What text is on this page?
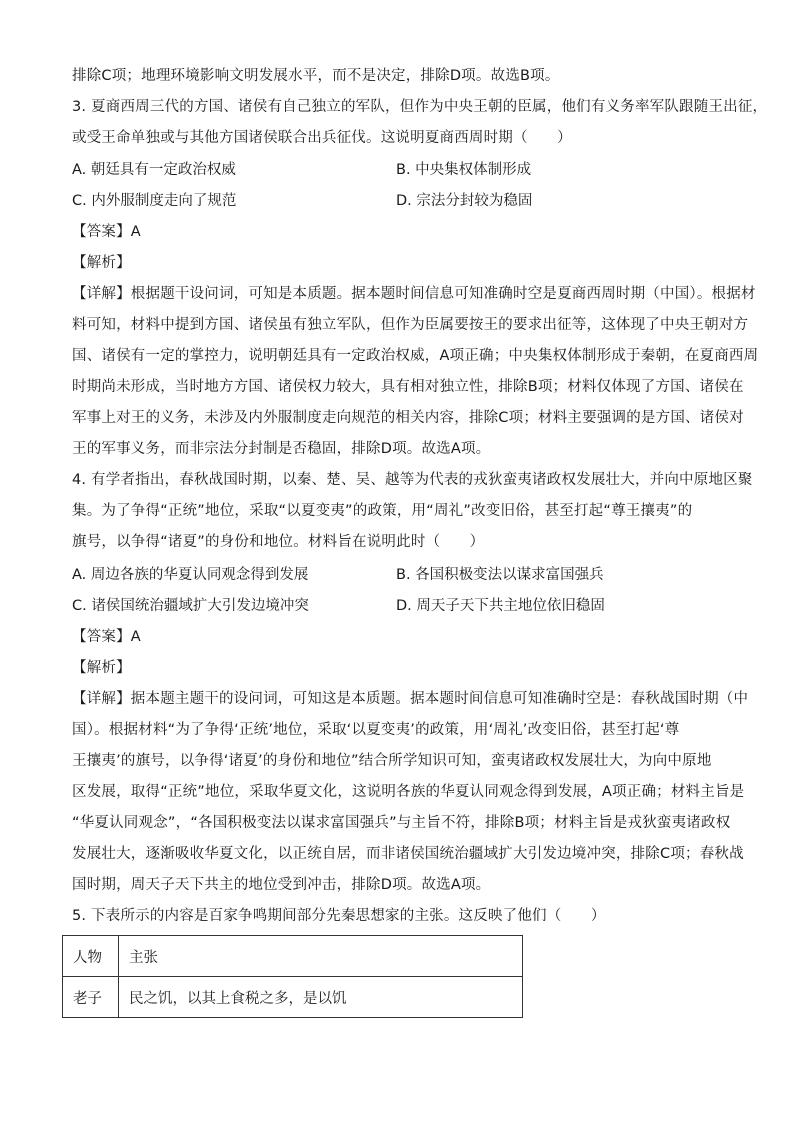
排除C项；地理环境影响文明发展水平，而不是决定，排除D项。故选B项。
3. 夏商西周三代的方国、诸侯有自己独立的军队，但作为中央王朝的臣属，他们有义务率军队跟随王出征，
或受王命单独或与其他方国诸侯联合出兵征伐。这说明夏商西周时期（　　）
A. 朝廷具有一定政治权威	B. 中央集权体制形成
C. 内外服制度走向了规范	D. 宗法分封较为稳固
【答案】A
【解析】
【详解】根据题干设问词，可知是本质题。据本题时间信息可知准确时空是夏商西周时期（中国）。根据材
料可知，材料中提到方国、诸侯虽有独立军队，但作为臣属要按王的要求出征等，这体现了中央王朝对方
国、诸侯有一定的掌控力，说明朝廷具有一定政治权威，A项正确；中央集权体制形成于秦朝，在夏商西周
时期尚未形成，当时地方方国、诸侯权力较大，具有相对独立性，排除B项；材料仅体现了方国、诸侯在
军事上对王的义务，未涉及内外服制度走向规范的相关内容，排除C项；材料主要强调的是方国、诸侯对
王的军事义务，而非宗法分封制是否稳固，排除D项。故选A项。
4. 有学者指出，春秋战国时期，以秦、楚、吴、越等为代表的戎狄蛮夷诸政权发展壮大，并向中原地区聚
集。为了争得“正统”地位，采取“以夏变夷”的政策，用“周礼”改变旧俗，甚至打起“尊王攘夷”的
旗号，以争得“诸夏”的身份和地位。材料旨在说明此时（　　）
A. 周边各族的华夏认同观念得到发展	B. 各国积极变法以谋求富国强兵
C. 诸侯国统治疆域扩大引发边境冲突	D. 周天子天下共主地位依旧稳固
【答案】A
【解析】
【详解】据本题主题干的设问词，可知这是本质题。据本题时间信息可知准确时空是：春秋战国时期（中
国）。根据材料“为了争得‘正统’地位，采取‘以夏变夷’的政策，用‘周礼’改变旧俗，甚至打起‘尊
王攘夷’的旗号，以争得‘诸夏’的身份和地位”结合所学知识可知，蛮夷诸政权发展壮大，为向中原地
区发展，取得“正统”地位，采取华夏文化，这说明各族的华夏认同观念得到发展，A项正确；材料主旨是
“华夏认同观念”，“各国积极变法以谋求富国强兵”与主旨不符，排除B项；材料主旨是戎狄蛮夷诸政权
发展壮大，逐渐吸收华夏文化，以正统自居，而非诸侯国统治疆域扩大引发边境冲突，排除C项；春秋战
国时期，周天子天下共主的地位受到冲击，排除D项。故选A项。
5. 下表所示的内容是百家争鸣期间部分先秦思想家的主张。这反映了他们（　　）
人物	主张
老子	民之饥，以其上食税之多，是以饥
